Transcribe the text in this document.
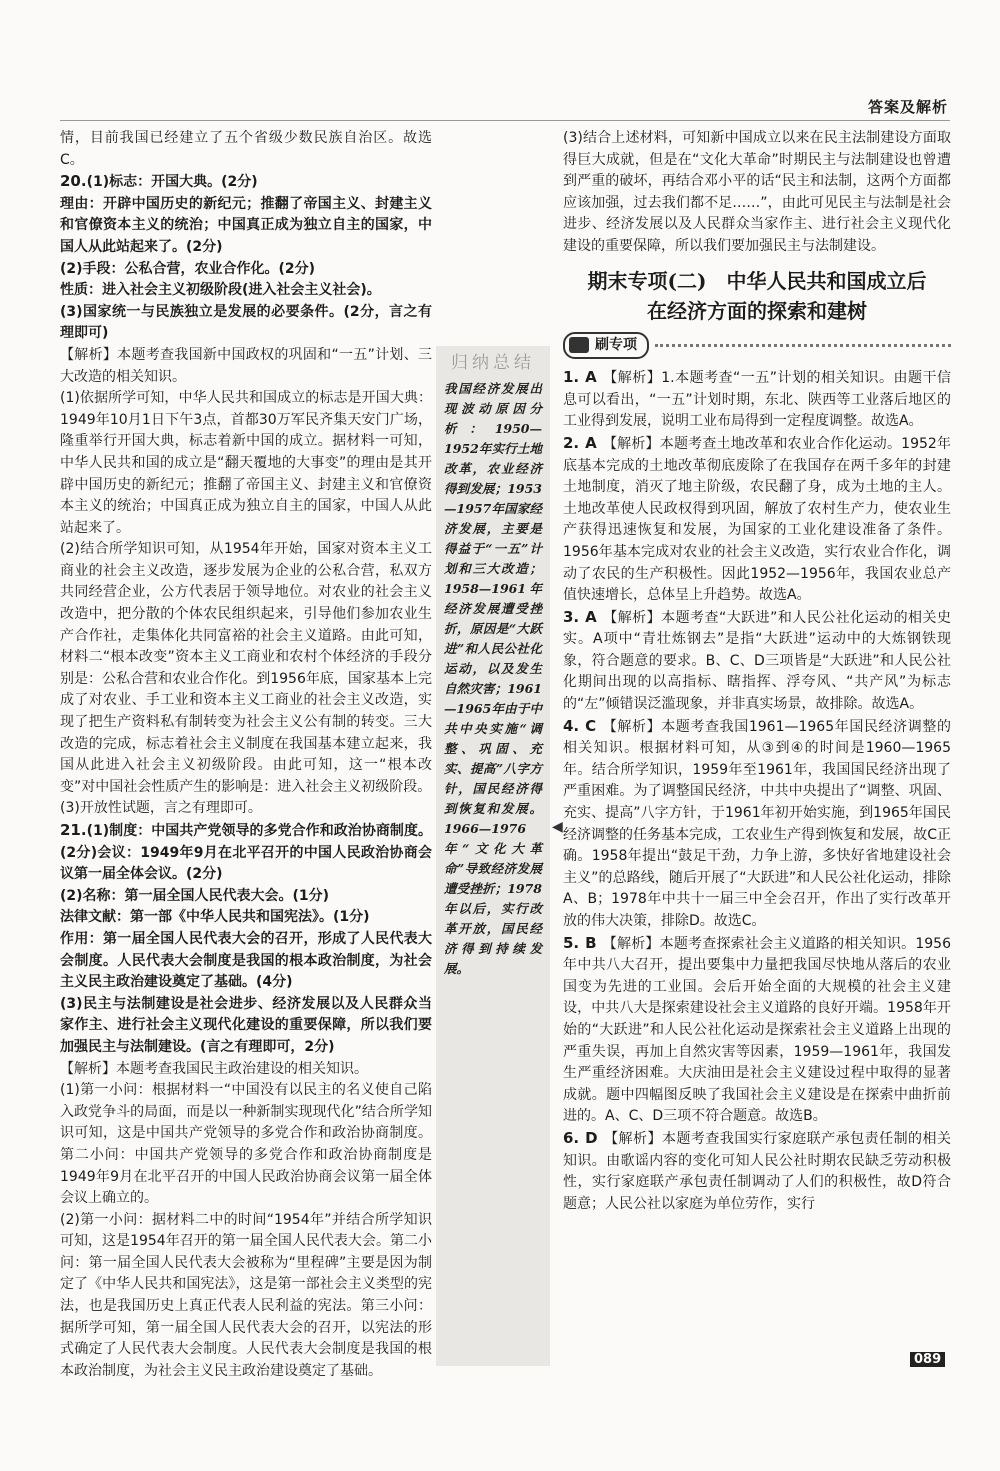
答案及解析

情，目前我国已经建立了五个省级少数民族自治区。故选C。

20.(1)标志：开国大典。(2分)

理由：开辟中国历史的新纪元；推翻了帝国主义、封建主义和官僚资本主义的统治；中国真正成为独立自主的国家，中国人从此站起来了。(2分)

(2)手段：公私合营，农业合作化。(2分)

性质：进入社会主义初级阶段(进入社会主义社会)。

(3)国家统一与民族独立是发展的必要条件。(2分，言之有理即可)

【解析】本题考查我国新中国政权的巩固和“一五”计划、三大改造的相关知识。

(1)依据所学可知，中华人民共和国成立的标志是开国大典：1949年10月1日下午3点，首都30万军民齐集天安门广场，隆重举行开国大典，标志着新中国的成立。据材料一可知，中华人民共和国的成立是“翻天覆地的大事变”的理由是其开辟中国历史的新纪元；推翻了帝国主义、封建主义和官僚资本主义的统治；中国真正成为独立自主的国家，中国人从此站起来了。

(2)结合所学知识可知，从1954年开始，国家对资本主义工商业的社会主义改造，逐步发展为企业的公私合营，私双方共同经营企业，公方代表居于领导地位。对农业的社会主义改造中，把分散的个体农民组织起来，引导他们参加农业生产合作社，走集体化共同富裕的社会主义道路。由此可知，材料二“根本改变”资本主义工商业和农村个体经济的手段分别是：公私合营和农业合作化。到1956年底，国家基本上完成了对农业、手工业和资本主义工商业的社会主义改造，实现了把生产资料私有制转变为社会主义公有制的转变。三大改造的完成，标志着社会主义制度在我国基本建立起来，我国从此进入社会主义初级阶段。由此可知，这一“根本改变”对中国社会性质产生的影响是：进入社会主义初级阶段。

(3)开放性试题，言之有理即可。

21.(1)制度：中国共产党领导的多党合作和政治协商制度。(2分)会议：1949年9月在北平召开的中国人民政治协商会议第一届全体会议。(2分)

(2)名称：第一届全国人民代表大会。(1分)

法律文献：第一部《中华人民共和国宪法》。(1分)

作用：第一届全国人民代表大会的召开，形成了人民代表大会制度。人民代表大会制度是我国的根本政治制度，为社会主义民主政治建设奠定了基础。(4分)

(3)民主与法制建设是社会进步、经济发展以及人民群众当家作主、进行社会主义现代化建设的重要保障，所以我们要加强民主与法制建设。(言之有理即可，2分)

【解析】本题考查我国民主政治建设的相关知识。

(1)第一小问：根据材料一“中国没有以民主的名义使自己陷入政党争斗的局面，而是以一种新制实现现代化”结合所学知识可知，这是中国共产党领导的多党合作和政治协商制度。第二小问：中国共产党领导的多党合作和政治协商制度是1949年9月在北平召开的中国人民政治协商会议第一届全体会议上确立的。

(2)第一小问：据材料二中的时间“1954年”并结合所学知识可知，这是1954年召开的第一届全国人民代表大会。第二小问：第一届全国人民代表大会被称为“里程碑”主要是因为制定了《中华人民共和国宪法》，这是第一部社会主义类型的宪法，也是我国历史上真正代表人民利益的宪法。第三小问：据所学可知，第一届全国人民代表大会的召开，以宪法的形式确定了人民代表大会制度。人民代表大会制度是我国的根本政治制度，为社会主义民主政治建设奠定了基础。

归纳总结
我国经济发展出现波动原因分析：1950—1952年实行土地改革，农业经济得到发展；1953—1957年国家经济发展，主要是得益于“一五”计划和三大改造；1958—1961年经济发展遭受挫折，原因是“大跃进”和人民公社化运动，以及发生自然灾害；1961—1965年由于中共中央实施“调整、巩固、充实、提高”八字方针，国民经济得到恢复和发展。1966—1976年“文化大革命”导致经济发展遭受挫折；1978年以后，实行改革开放，国民经济得到持续发展。
◀

(3)结合上述材料，可知新中国成立以来在民主法制建设方面取得巨大成就，但是在“文化大革命”时期民主与法制建设也曾遭到严重的破坏，再结合邓小平的话“民主和法制，这两个方面都应该加强，过去我们都不足……”，由此可见民主与法制是社会进步、经济发展以及人民群众当家作主、进行社会主义现代化建设的重要保障，所以我们要加强民主与法制建设。

期末专项(二)　中华人民共和国成立后
在经济方面的探索和建树
刷专项

1. A 【解析】1.本题考查“一五”计划的相关知识。由题干信息可以看出，“一五”计划时期，东北、陕西等工业落后地区的工业得到发展，说明工业布局得到一定程度调整。故选A。

2. A 【解析】本题考查土地改革和农业合作化运动。1952年底基本完成的土地改革彻底废除了在我国存在两千多年的封建土地制度，消灭了地主阶级，农民翻了身，成为土地的主人。土地改革使人民政权得到巩固，解放了农村生产力，使农业生产获得迅速恢复和发展，为国家的工业化建设准备了条件。1956年基本完成对农业的社会主义改造，实行农业合作化，调动了农民的生产积极性。因此1952—1956年，我国农业总产值快速增长，总体呈上升趋势。故选A。

3. A 【解析】本题考查“大跃进”和人民公社化运动的相关史实。A项中“青壮炼钢去”是指“大跃进”运动中的大炼钢铁现象，符合题意的要求。B、C、D三项皆是“大跃进”和人民公社化期间出现的以高指标、瞎指挥、浮夸风、“共产风”为标志的“左”倾错误泛滥现象，并非真实场景，故排除。故选A。

4. C 【解析】本题考查我国1961—1965年国民经济调整的相关知识。根据材料可知，从③到④的时间是1960—1965年。结合所学知识，1959年至1961年，我国国民经济出现了严重困难。为了调整国民经济，中共中央提出了“调整、巩固、充实、提高”八字方针，于1961年初开始实施，到1965年国民经济调整的任务基本完成，工农业生产得到恢复和发展，故C正确。1958年提出“鼓足干劲，力争上游，多快好省地建设社会主义”的总路线，随后开展了“大跃进”和人民公社化运动，排除A、B；1978年中共十一届三中全会召开，作出了实行改革开放的伟大决策，排除D。故选C。

5. B 【解析】本题考查探索社会主义道路的相关知识。1956年中共八大召开，提出要集中力量把我国尽快地从落后的农业国变为先进的工业国。会后开始全面的大规模的社会主义建设，中共八大是探索建设社会主义道路的良好开端。1958年开始的“大跃进”和人民公社化运动是探索社会主义道路上出现的严重失误，再加上自然灾害等因素，1959—1961年，我国发生严重经济困难。大庆油田是社会主义建设过程中取得的显著成就。题中四幅图反映了我国社会主义建设是在探索中曲折前进的。A、C、D三项不符合题意。故选B。

6. D 【解析】本题考查我国实行家庭联产承包责任制的相关知识。由歌谣内容的变化可知人民公社时期农民缺乏劳动积极性，实行家庭联产承包责任制调动了人们的积极性，故D符合题意；人民公社以家庭为单位劳作，实行

089
